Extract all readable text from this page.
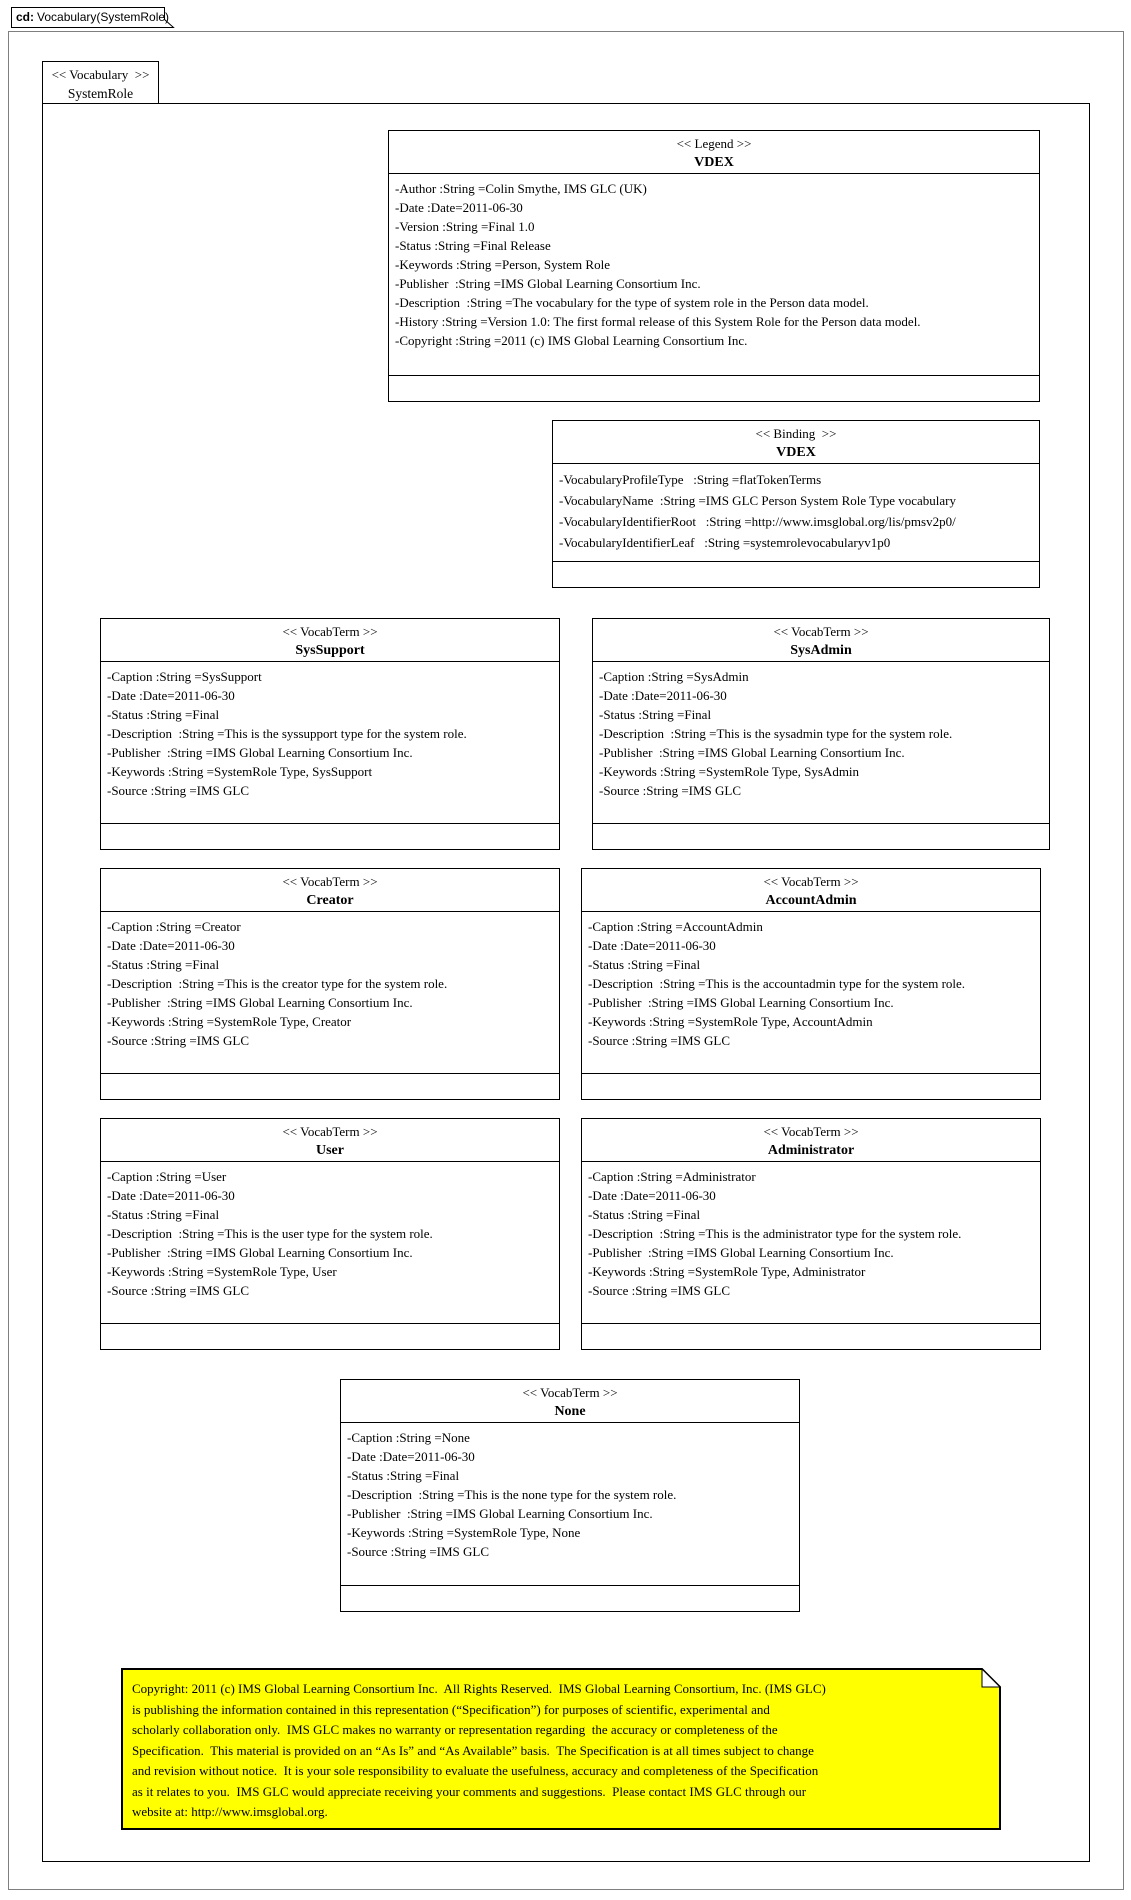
cd: Vocabulary(SystemRole)
<< Vocabulary  >>
SystemRole
<< Legend >>
VDEX
-Author :String =Colin Smythe, IMS GLC (UK)
-Date :Date=2011-06-30
-Version :String =Final 1.0
-Status :String =Final Release
-Keywords :String =Person, System Role
-Publisher  :String =IMS Global Learning Consortium Inc.
-Description  :String =The vocabulary for the type of system role in the Person data model.
-History :String =Version 1.0: The first formal release of this System Role for the Person data model.
-Copyright :String =2011 (c) IMS Global Learning Consortium Inc.
<< Binding  >>
VDEX
-VocabularyProfileType   :String =flatTokenTerms
-VocabularyName  :String =IMS GLC Person System Role Type vocabulary
-VocabularyIdentifierRoot   :String =http://www.imsglobal.org/lis/pmsv2p0/
-VocabularyIdentifierLeaf   :String =systemrolevocabularyv1p0
<< VocabTerm >>
SysSupport
-Caption :String =SysSupport
-Date :Date=2011-06-30
-Status :String =Final
-Description  :String =This is the syssupport type for the system role.
-Publisher  :String =IMS Global Learning Consortium Inc.
-Keywords :String =SystemRole Type, SysSupport
-Source :String =IMS GLC
<< VocabTerm >>
SysAdmin
-Caption :String =SysAdmin
-Date :Date=2011-06-30
-Status :String =Final
-Description  :String =This is the sysadmin type for the system role.
-Publisher  :String =IMS Global Learning Consortium Inc.
-Keywords :String =SystemRole Type, SysAdmin
-Source :String =IMS GLC
<< VocabTerm >>
Creator
-Caption :String =Creator
-Date :Date=2011-06-30
-Status :String =Final
-Description  :String =This is the creator type for the system role.
-Publisher  :String =IMS Global Learning Consortium Inc.
-Keywords :String =SystemRole Type, Creator
-Source :String =IMS GLC
<< VocabTerm >>
AccountAdmin
-Caption :String =AccountAdmin
-Date :Date=2011-06-30
-Status :String =Final
-Description  :String =This is the accountadmin type for the system role.
-Publisher  :String =IMS Global Learning Consortium Inc.
-Keywords :String =SystemRole Type, AccountAdmin
-Source :String =IMS GLC
<< VocabTerm >>
User
-Caption :String =User
-Date :Date=2011-06-30
-Status :String =Final
-Description  :String =This is the user type for the system role.
-Publisher  :String =IMS Global Learning Consortium Inc.
-Keywords :String =SystemRole Type, User
-Source :String =IMS GLC
<< VocabTerm >>
Administrator
-Caption :String =Administrator
-Date :Date=2011-06-30
-Status :String =Final
-Description  :String =This is the administrator type for the system role.
-Publisher  :String =IMS Global Learning Consortium Inc.
-Keywords :String =SystemRole Type, Administrator
-Source :String =IMS GLC
<< VocabTerm >>
None
-Caption :String =None
-Date :Date=2011-06-30
-Status :String =Final
-Description  :String =This is the none type for the system role.
-Publisher  :String =IMS Global Learning Consortium Inc.
-Keywords :String =SystemRole Type, None
-Source :String =IMS GLC
Copyright: 2011 (c) IMS Global Learning Consortium Inc.  All Rights Reserved.  IMS Global Learning Consortium, Inc. (IMS GLC)
is publishing the information contained in this representation (“Specification”) for purposes of scientific, experimental and
scholarly collaboration only.  IMS GLC makes no warranty or representation regarding  the accuracy or completeness of the
Specification.  This material is provided on an “As Is” and “As Available” basis.  The Specification is at all times subject to change
and revision without notice.  It is your sole responsibility to evaluate the usefulness, accuracy and completeness of the Specification
as it relates to you.  IMS GLC would appreciate receiving your comments and suggestions.  Please contact IMS GLC through our
website at: http://www.imsglobal.org.
